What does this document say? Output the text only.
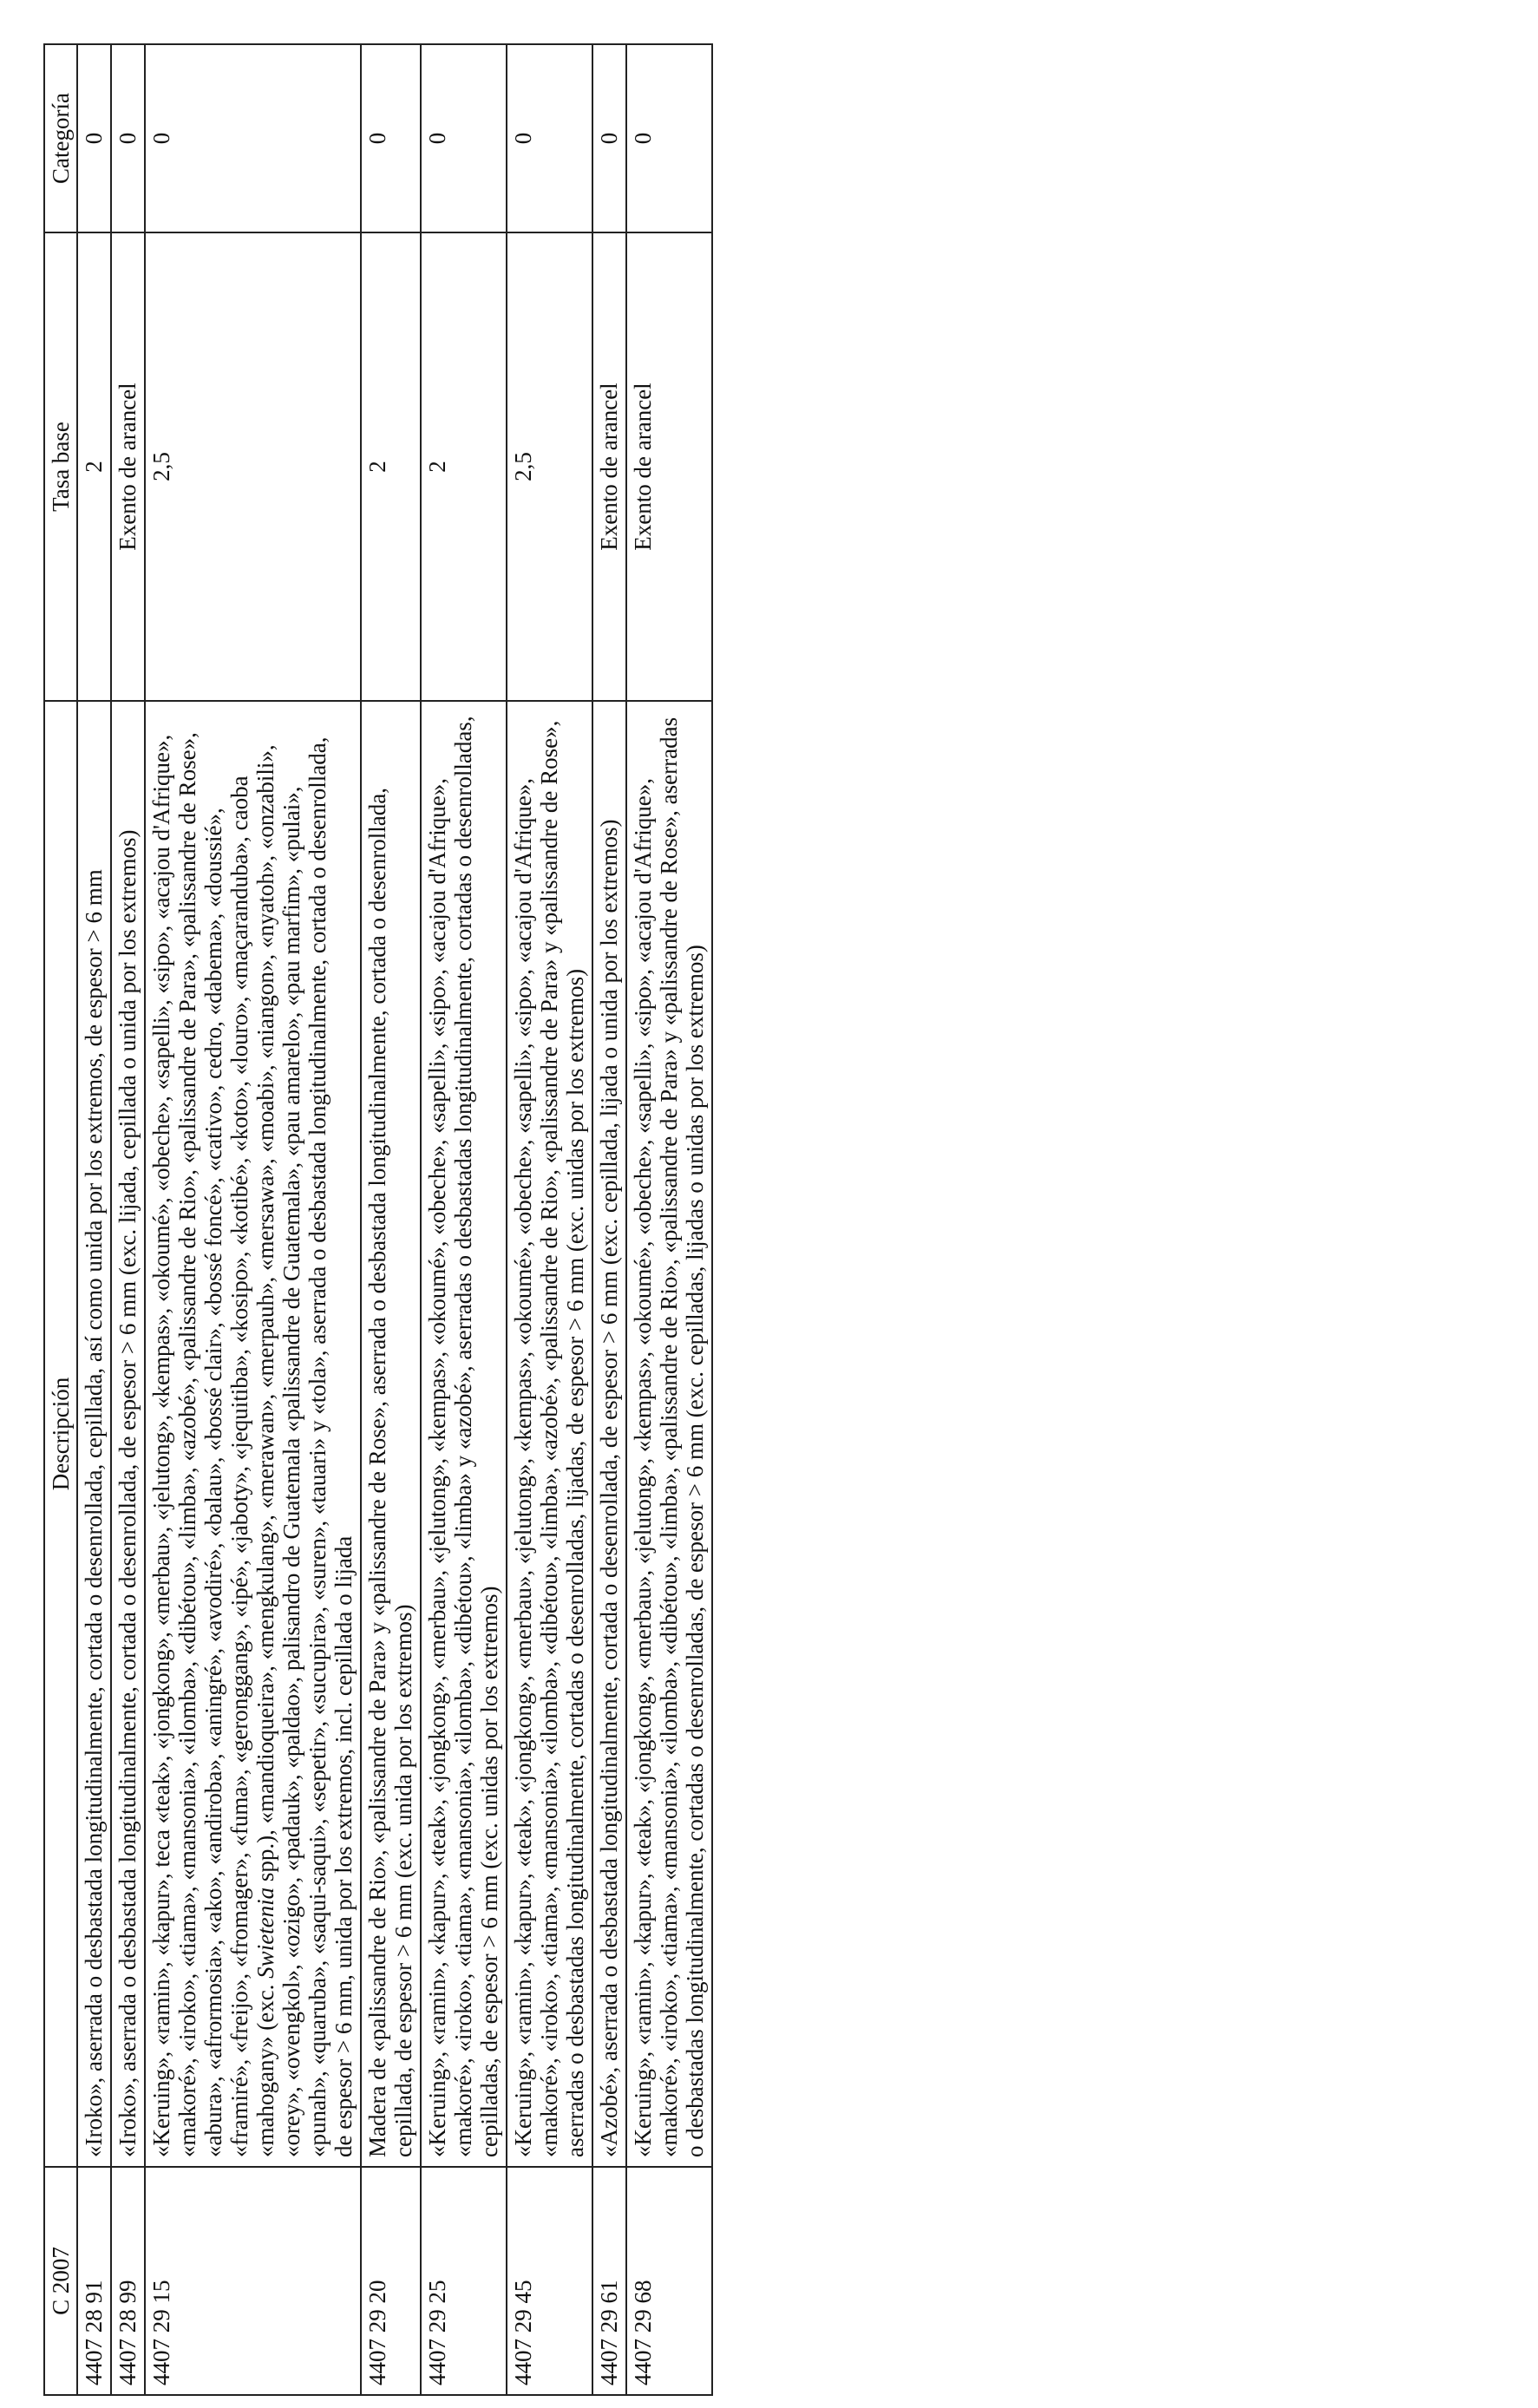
C 2007	Descripción	Tasa base	Categoría
4407 28 91	«Iroko», aserrada o desbastada longitudinalmente, cortada o desenrollada, cepillada, así como unida por los extremos, de espesor > 6 mm	2	0
4407 28 99	«Iroko», aserrada o desbastada longitudinalmente, cortada o desenrollada, de espesor > 6 mm (exc. lijada, cepillada o unida por los extremos)	Exento de arancel	0
4407 29 15	«Keruing», «ramin», «kapur», teca «teak», «jongkong», «merbau», «jelutong», «kempas», «okoumé», «obeche», «sapelli», «sipo», «acajou d'Afrique», «makoré», «iroko», «tiama», «mansonia», «ilomba», «dibétou», «limba», «azobé», «palissandre de Rio», «palissandre de Para», «palissandre de Rose», «abura», «afrormosia», «ako», «andiroba», «aningré», «avodiré», «balau», «bossé clair», «bossé foncé», «cativo», cedro, «dabema», «doussié», «framiré», «freijo», «fromager», «fuma», «geronggang», «ipé», «jaboty», «jequitiba», «kosipo», «kotibé», «koto», «louro», «maçaranduba», caoba «mahogany» (exc. Swietenia spp.), «mandioqueira», «mengkulang», «merawan», «merpauh», «mersawa», «moabi», «niangon», «nyatoh», «onzabili», «orey», «ovengkol», «ozigo», «padauk», «paldao», palisandro de Guatemala «palissandre de Guatemala», «pau amarelo», «pau marfim», «pulai», «punah», «quaruba», «saqui-saqui», «sepetir», «sucupira», «suren», «tauari» y «tola», aserrada o desbastada longitudinalmente, cortada o desenrollada, de espesor > 6 mm, unida por los extremos, incl. cepillada o lijada	2,5	0
4407 29 20	Madera de «palissandre de Rio», «palissandre de Para» y «palissandre de Rose», aserrada o desbastada longitudinalmente, cortada o desenrollada, cepillada, de espesor > 6 mm (exc. unida por los extremos)	2	0
4407 29 25	«Keruing», «ramin», «kapur», «teak», «jongkong», «merbau», «jelutong», «kempas», «okoumé», «obeche», «sapelli», «sipo», «acajou d'Afrique», «makoré», «iroko», «tiama», «mansonia», «ilomba», «dibétou», «limba» y «azobé», aserradas o desbastadas longitudinalmente, cortadas o desenrolladas, cepilladas, de espesor > 6 mm (exc. unidas por los extremos)	2	0
4407 29 45	«Keruing», «ramin», «kapur», «teak», «jongkong», «merbau», «jelutong», «kempas», «okoumé», «obeche», «sapelli», «sipo», «acajou d'Afrique», «makoré», «iroko», «tiama», «mansonia», «ilomba», «dibétou», «limba», «azobé», «palissandre de Rio», «palissandre de Para» y «palissandre de Rose», aserradas o desbastadas longitudinalmente, cortadas o desenrolladas, lijadas, de espesor > 6 mm (exc. unidas por los extremos)	2,5	0
4407 29 61	«Azobé», aserrada o desbastada longitudinalmente, cortada o desenrollada, de espesor > 6 mm (exc. cepillada, lijada o unida por los extremos)	Exento de arancel	0
4407 29 68	«Keruing», «ramin», «kapur», «teak», «jongkong», «merbau», «jelutong», «kempas», «okoumé», «obeche», «sapelli», «sipo», «acajou d'Afrique», «makoré», «iroko», «tiama», «mansonia», «ilomba», «dibétou», «limba», «palissandre de Rio», «palissandre de Para» y «palissandre de Rose», aserradas o desbastadas longitudinalmente, cortadas o desenrolladas, de espesor > 6 mm (exc. cepilladas, lijadas o unidas por los extremos)	Exento de arancel	0
